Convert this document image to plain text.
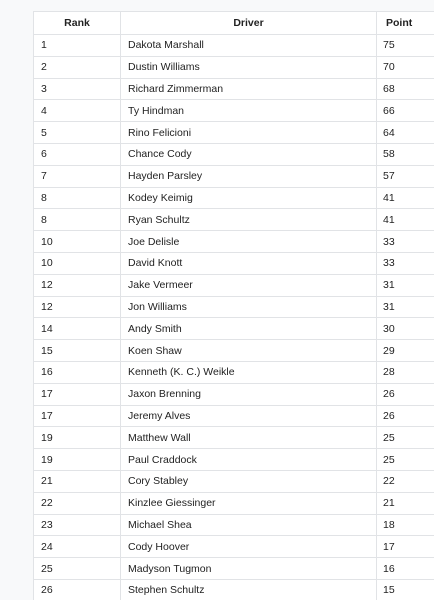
Rank	Driver	Point
1	Dakota Marshall	75
2	Dustin Williams	70
3	Richard Zimmerman	68
4	Ty Hindman	66
5	Rino Felicioni	64
6	Chance Cody	58
7	Hayden Parsley	57
8	Kodey Keimig	41
8	Ryan Schultz	41
10	Joe Delisle	33
10	David Knott	33
12	Jake Vermeer	31
12	Jon Williams	31
14	Andy Smith	30
15	Koen Shaw	29
16	Kenneth (K. C.) Weikle	28
17	Jaxon Brenning	26
17	Jeremy Alves	26
19	Matthew Wall	25
19	Paul Craddock	25
21	Cory Stabley	22
22	Kinzlee Giessinger	21
23	Michael Shea	18
24	Cody Hoover	17
25	Madyson Tugmon	16
26	Stephen Schultz	15
